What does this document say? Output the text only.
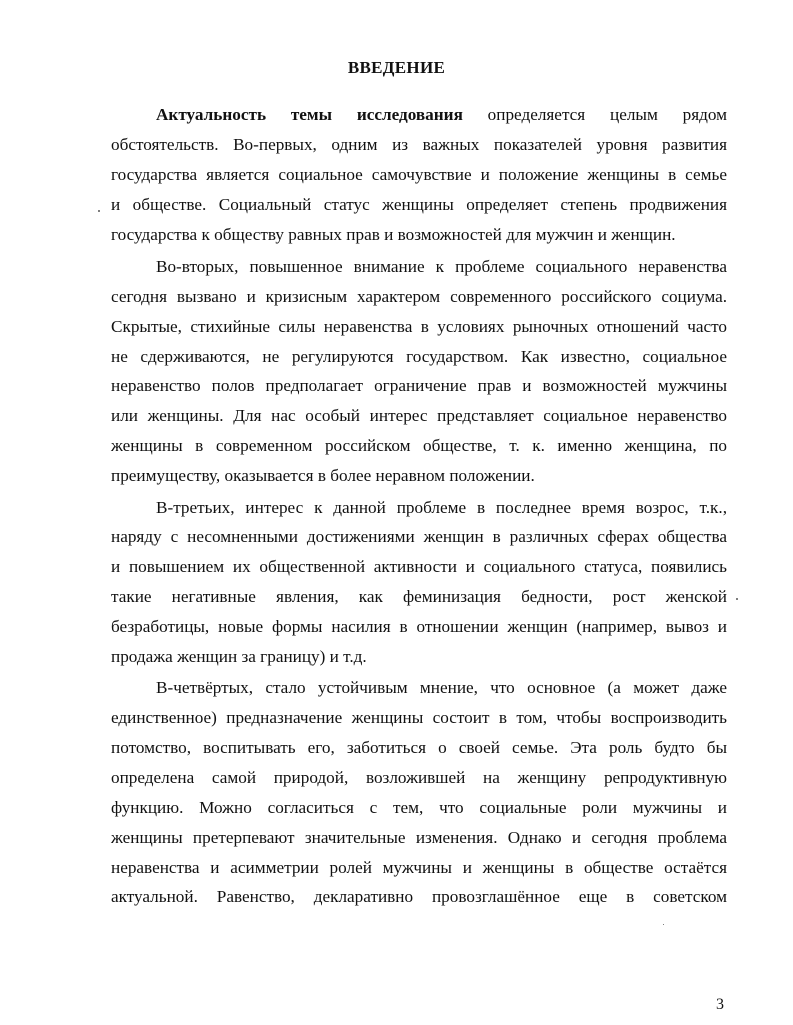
ВВЕДЕНИЕ
Актуальность темы исследования определяется целым рядом
обстоятельств. Во-первых, одним из важных показателей уровня развития
государства является социальное самочувствие и положение женщины в семье
и обществе. Социальный статус женщины определяет степень продвижения
государства к обществу равных прав и возможностей для мужчин и женщин.
Во-вторых, повышенное внимание к проблеме социального неравенства
сегодня вызвано и кризисным характером современного российского социума.
Скрытые, стихийные силы неравенства в условиях рыночных отношений часто
не сдерживаются, не регулируются государством. Как известно, социальное
неравенство полов предполагает ограничение прав и возможностей мужчины
или женщины. Для нас особый интерес представляет социальное неравенство
женщины в современном российском обществе, т. к. именно женщина, по
преимуществу, оказывается в более неравном положении.
В-третьих, интерес к данной проблеме в последнее время возрос, т.к.,
наряду с несомненными достижениями женщин в различных сферах общества
и повышением их общественной активности и социального статуса, появились
такие негативные явления, как феминизация бедности, рост женской
безработицы, новые формы насилия в отношении женщин (например, вывоз и
продажа женщин за границу) и т.д.
В-четвёртых, стало устойчивым мнение, что основное (а может даже
единственное) предназначение женщины состоит в том, чтобы воспроизводить
потомство, воспитывать его, заботиться о своей семье. Эта роль будто бы
определена самой природой, возложившей на женщину репродуктивную
функцию. Можно согласиться с тем, что социальные роли мужчины и
женщины претерпевают значительные изменения. Однако и сегодня проблема
неравенства и асимметрии ролей мужчины и женщины в обществе остаётся
актуальной. Равенство, декларативно провозглашённое еще в советском
3
